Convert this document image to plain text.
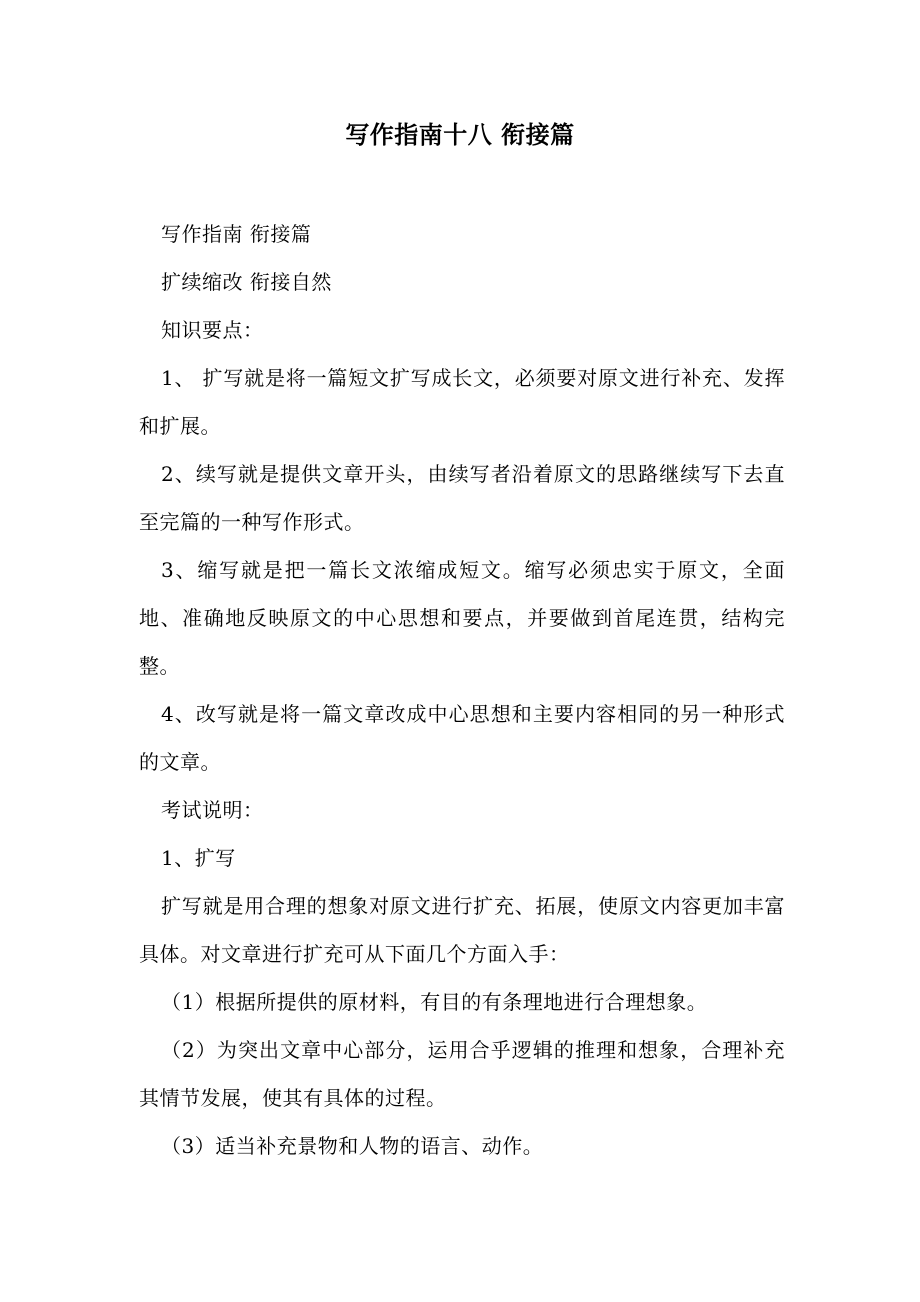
写作指南十八 衔接篇

写作指南 衔接篇

扩续缩改 衔接自然

知识要点：

1、 扩写就是将一篇短文扩写成长文，必须要对原文进行补充、发挥和扩展。

2、续写就是提供文章开头，由续写者沿着原文的思路继续写下去直至完篇的一种写作形式。

3、缩写就是把一篇长文浓缩成短文。缩写必须忠实于原文，全面地、准确地反映原文的中心思想和要点，并要做到首尾连贯，结构完整。

4、改写就是将一篇文章改成中心思想和主要内容相同的另一种形式的文章。

考试说明：

1、扩写

扩写就是用合理的想象对原文进行扩充、拓展，使原文内容更加丰富具体。对文章进行扩充可从下面几个方面入手：

（1）根据所提供的原材料，有目的有条理地进行合理想象。

（2）为突出文章中心部分，运用合乎逻辑的推理和想象，合理补充其情节发展，使其有具体的过程。

（3）适当补充景物和人物的语言、动作。
